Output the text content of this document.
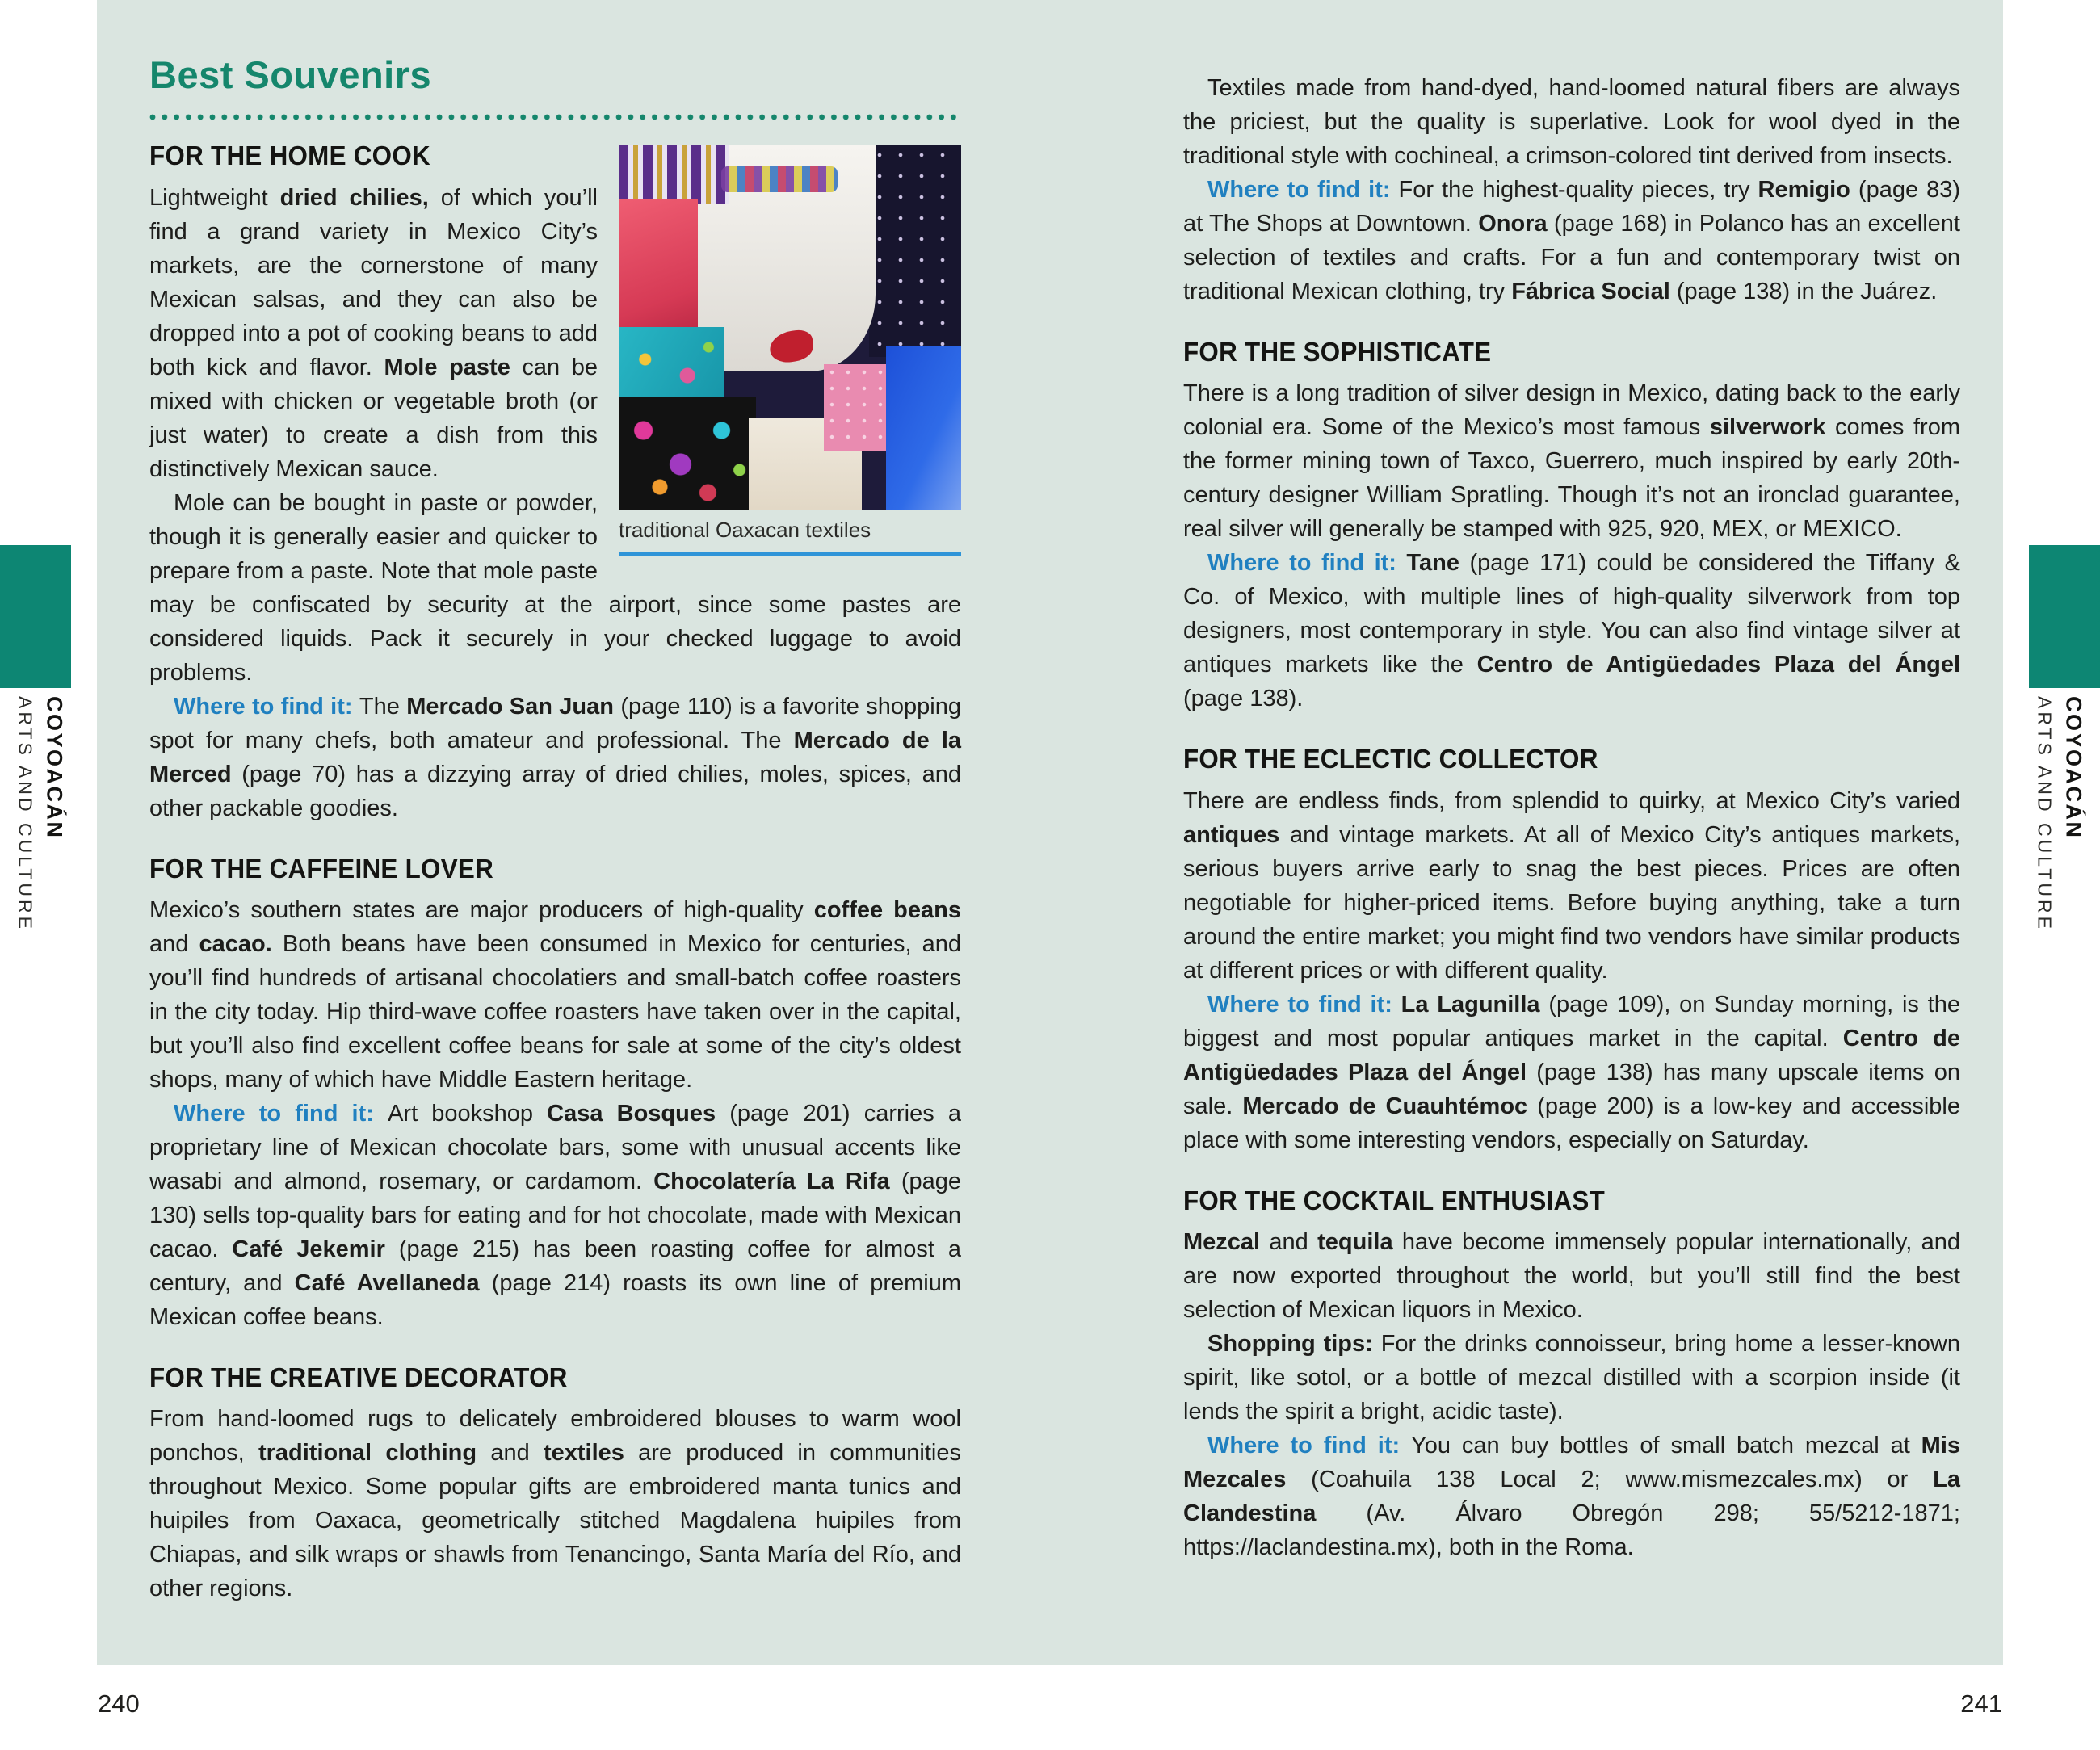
ARTS AND CULTURE COYOACÁN	ARTS AND CULTURE COYOACÁN
Best Souvenirs
traditional Oaxacan textiles
FOR THE HOME COOK

Lightweight dried chilies, of which you’ll find a grand variety in Mexico City’s markets, are the cornerstone of many Mexican salsas, and they can also be dropped into a pot of cooking beans to add both kick and flavor. Mole paste can be mixed with chicken or vegetable broth (or just water) to create a dish from this distinctively Mexican sauce.

Mole can be bought in paste or powder, though it is generally easier and quicker to prepare from a paste. Note that mole paste may be confiscated by security at the airport, since some pastes are considered liquids. Pack it securely in your checked luggage to avoid problems.

Where to find it: The Mercado San Juan (page 110) is a favorite shopping spot for many chefs, both amateur and professional. The Mercado de la Merced (page 70) has a dizzying array of dried chilies, moles, spices, and other packable goodies.

FOR THE CAFFEINE LOVER

Mexico’s southern states are major producers of high-quality coffee beans and cacao. Both beans have been consumed in Mexico for centuries, and you’ll find hundreds of artisanal chocolatiers and small-batch coffee roasters in the city today. Hip third-wave coffee roasters have taken over in the capital, but you’ll also find excellent coffee beans for sale at some of the city’s oldest shops, many of which have Middle Eastern heritage.

Where to find it: Art bookshop Casa Bosques (page 201) carries a proprietary line of Mexican chocolate bars, some with unusual accents like wasabi and almond, rosemary, or cardamom. Chocolatería La Rifa (page 130) sells top-quality bars for eating and for hot chocolate, made with Mexican cacao. Café Jekemir (page 215) has been roasting coffee for almost a century, and Café Avellaneda (page 214) roasts its own line of premium Mexican coffee beans.

FOR THE CREATIVE DECORATOR

From hand-loomed rugs to delicately embroidered blouses to warm wool ponchos, traditional clothing and textiles are produced in communities throughout Mexico. Some popular gifts are embroidered manta tunics and huipiles from Oaxaca, geometrically stitched Magdalena huipiles from Chiapas, and silk wraps or shawls from Tenancingo, Santa María del Río, and other regions.

Textiles made from hand-dyed, hand-loomed natural fibers are always the priciest, but the quality is superlative. Look for wool dyed in the traditional style with cochineal, a crimson-colored tint derived from insects.

Where to find it: For the highest-quality pieces, try Remigio (page 83) at The Shops at Downtown. Onora (page 168) in Polanco has an excellent selection of textiles and crafts. For a fun and contemporary twist on traditional Mexican clothing, try Fábrica Social (page 138) in the Juárez.

FOR THE SOPHISTICATE

There is a long tradition of silver design in Mexico, dating back to the early colonial era. Some of the Mexico’s most famous silverwork comes from the former mining town of Taxco, Guerrero, much inspired by early 20th-century designer William Spratling. Though it’s not an ironclad guarantee, real silver will generally be stamped with 925, 920, MEX, or MEXICO.

Where to find it: Tane (page 171) could be considered the Tiffany & Co. of Mexico, with multiple lines of high-quality silverwork from top designers, most contemporary in style. You can also find vintage silver at antiques markets like the Centro de Antigüedades Plaza del Ángel (page 138).

FOR THE ECLECTIC COLLECTOR

There are endless finds, from splendid to quirky, at Mexico City’s varied antiques and vintage markets. At all of Mexico City’s antiques markets, serious buyers arrive early to snag the best pieces. Prices are often negotiable for higher-priced items. Before buying anything, take a turn around the entire market; you might find two vendors have similar products at different prices or with different quality.

Where to find it: La Lagunilla (page 109), on Sunday morning, is the biggest and most popular antiques market in the capital. Centro de Antigüedades Plaza del Ángel (page 138) has many upscale items on sale. Mercado de Cuauhtémoc (page 200) is a low-key and accessible place with some interesting vendors, especially on Saturday.

FOR THE COCKTAIL ENTHUSIAST

Mezcal and tequila have become immensely popular internationally, and are now exported throughout the world, but you’ll still find the best selection of Mexican liquors in Mexico.

Shopping tips: For the drinks connoisseur, bring home a lesser-known spirit, like sotol, or a bottle of mezcal distilled with a scorpion inside (it lends the spirit a bright, acidic taste).

Where to find it: You can buy bottles of small batch mezcal at Mis Mezcales (Coahuila 138 Local 2; www.mismezcales.mx) or La Clandestina (Av. Álvaro Obregón 298; 55/5212-1871; https://laclandestina.mx), both in the Roma.

240	241
